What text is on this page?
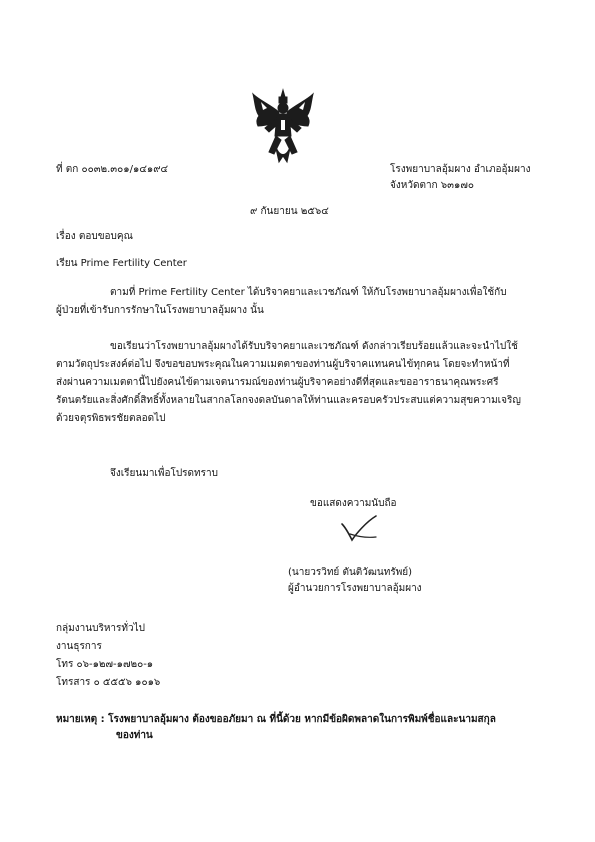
ที่ ตก ๐๐๓๒.๓๐๑/๑๔๑๙๔	โรงพยาบาลอุ้มผาง อำเภออุ้มผาง
จังหวัดตาก ๖๓๑๗๐
๙ กันยายน ๒๕๖๔
เรื่อง ตอบขอบคุณ
เรียน Prime Fertility Center
ตามที่ Prime Fertility Center ได้บริจาคยาและเวชภัณฑ์ ให้กับโรงพยาบาลอุ้มผางเพื่อใช้กับ
ผู้ป่วยที่เข้ารับการรักษาในโรงพยาบาลอุ้มผาง นั้น
ขอเรียนว่าโรงพยาบาลอุ้มผางได้รับบริจาคยาและเวชภัณฑ์ ดังกล่าวเรียบร้อยแล้วและจะนำไปใช้
ตามวัตถุประสงค์ต่อไป จึงขอขอบพระคุณในความเมตตาของท่านผู้บริจาคแทนคนไข้ทุกคน โดยจะทำหน้าที่
ส่งผ่านความเมตตานี้ไปยังคนไข้ตามเจตนารมณ์ของท่านผู้บริจาคอย่างดีที่สุดและขออาราธนาคุณพระศรี
รัตนตรัยและสิ่งศักดิ์สิทธิ์ทั้งหลายในสากลโลกจงดลบันดาลให้ท่านและครอบครัวประสบแต่ความสุขความเจริญ
ด้วยจตุรพิธพรชัยตลอดไป
จึงเรียนมาเพื่อโปรดทราบ
ขอแสดงความนับถือ
(นายวรวิทย์ ตันติวัฒนทรัพย์)
ผู้อำนวยการโรงพยาบาลอุ้มผาง
กลุ่มงานบริหารทั่วไป
งานธุรการ
โทร ๐๖-๑๒๗-๑๗๒๐-๑
โทรสาร ๐ ๕๕๕๖ ๑๐๑๖
หมายเหตุ : โรงพยาบาลอุ้มผาง ต้องขออภัยมา ณ ที่นี้ด้วย หากมีข้อผิดพลาดในการพิมพ์ชื่อและนามสกุล
ของท่าน
